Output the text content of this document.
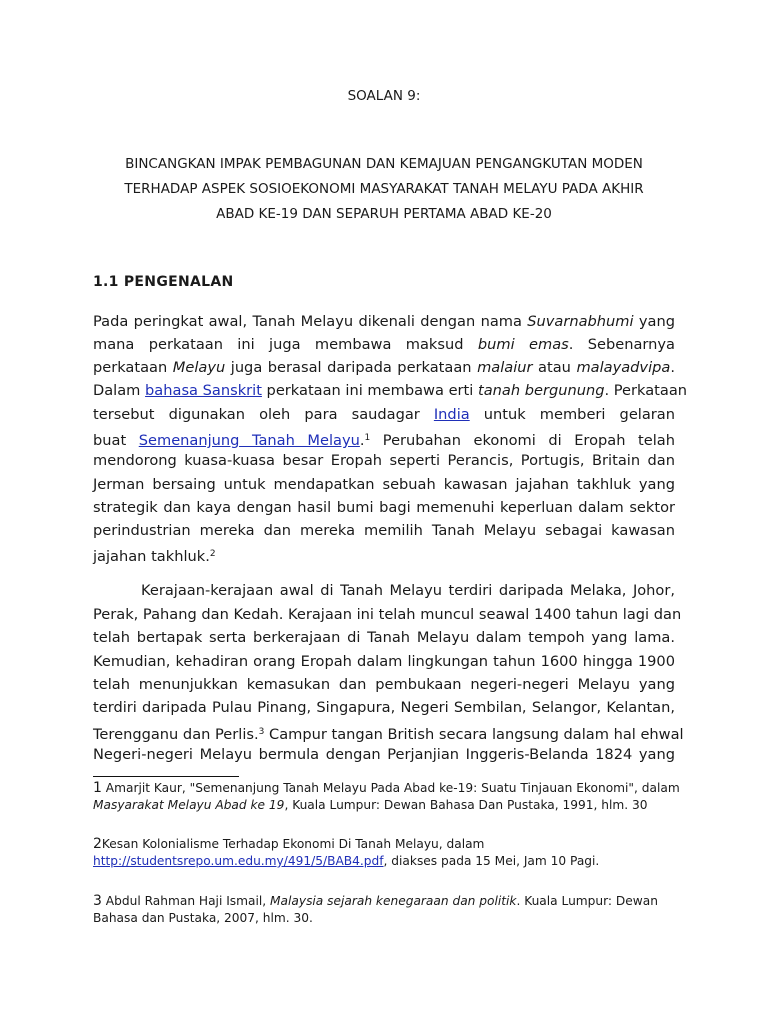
SOALAN 9:
BINCANGKAN IMPAK PEMBAGUNAN DAN KEMAJUAN PENGANGKUTAN MODEN
TERHADAP ASPEK SOSIOEKONOMI MASYARAKAT TANAH MELAYU PADA AKHIR
ABAD KE-19 DAN SEPARUH PERTAMA ABAD KE-20
1.1 PENGENALAN
Pada peringkat awal, Tanah Melayu dikenali dengan nama Suvarnabhumi yang
mana perkataan ini juga membawa maksud bumi emas. Sebenarnya
perkataan Melayu juga berasal daripada perkataan malaiur atau malayadvipa.
Dalam bahasa Sanskrit perkataan ini membawa erti tanah bergunung. Perkataan
tersebut digunakan oleh para saudagar India untuk memberi gelaran
buat Semenanjung Tanah Melayu.$^1$ Perubahan ekonomi di Eropah telah
mendorong kuasa-kuasa besar Eropah seperti Perancis, Portugis, Britain dan
Jerman bersaing untuk mendapatkan sebuah kawasan jajahan takhluk yang
strategik dan kaya dengan hasil bumi bagi memenuhi keperluan dalam sektor
perindustrian mereka dan mereka memilih Tanah Melayu sebagai kawasan
jajahan takhluk.$^2$
Kerajaan-kerajaan awal di Tanah Melayu terdiri daripada Melaka, Johor,
Perak, Pahang dan Kedah. Kerajaan ini telah muncul seawal 1400 tahun lagi dan
telah bertapak serta berkerajaan di Tanah Melayu dalam tempoh yang lama.
Kemudian, kehadiran orang Eropah dalam lingkungan tahun 1600 hingga 1900
telah menunjukkan kemasukan dan pembukaan negeri-negeri Melayu yang
terdiri daripada Pulau Pinang, Singapura, Negeri Sembilan, Selangor, Kelantan,
Terengganu dan Perlis.$^3$ Campur tangan British secara langsung dalam hal ehwal
Negeri-negeri Melayu bermula dengan Perjanjian Inggeris-Belanda 1824 yang
1 Amarjit Kaur, "Semenanjung Tanah Melayu Pada Abad ke-19: Suatu Tinjauan Ekonomi", dalam
Masyarakat Melayu Abad ke 19, Kuala Lumpur: Dewan Bahasa Dan Pustaka, 1991, hlm. 30
2Kesan Kolonialisme Terhadap Ekonomi Di Tanah Melayu, dalam
http://studentsrepo.um.edu.my/491/5/BAB4.pdf, diakses pada 15 Mei, Jam 10 Pagi.
3 Abdul Rahman Haji Ismail, Malaysia sejarah kenegaraan dan politik. Kuala Lumpur: Dewan
Bahasa dan Pustaka, 2007, hlm. 30.
